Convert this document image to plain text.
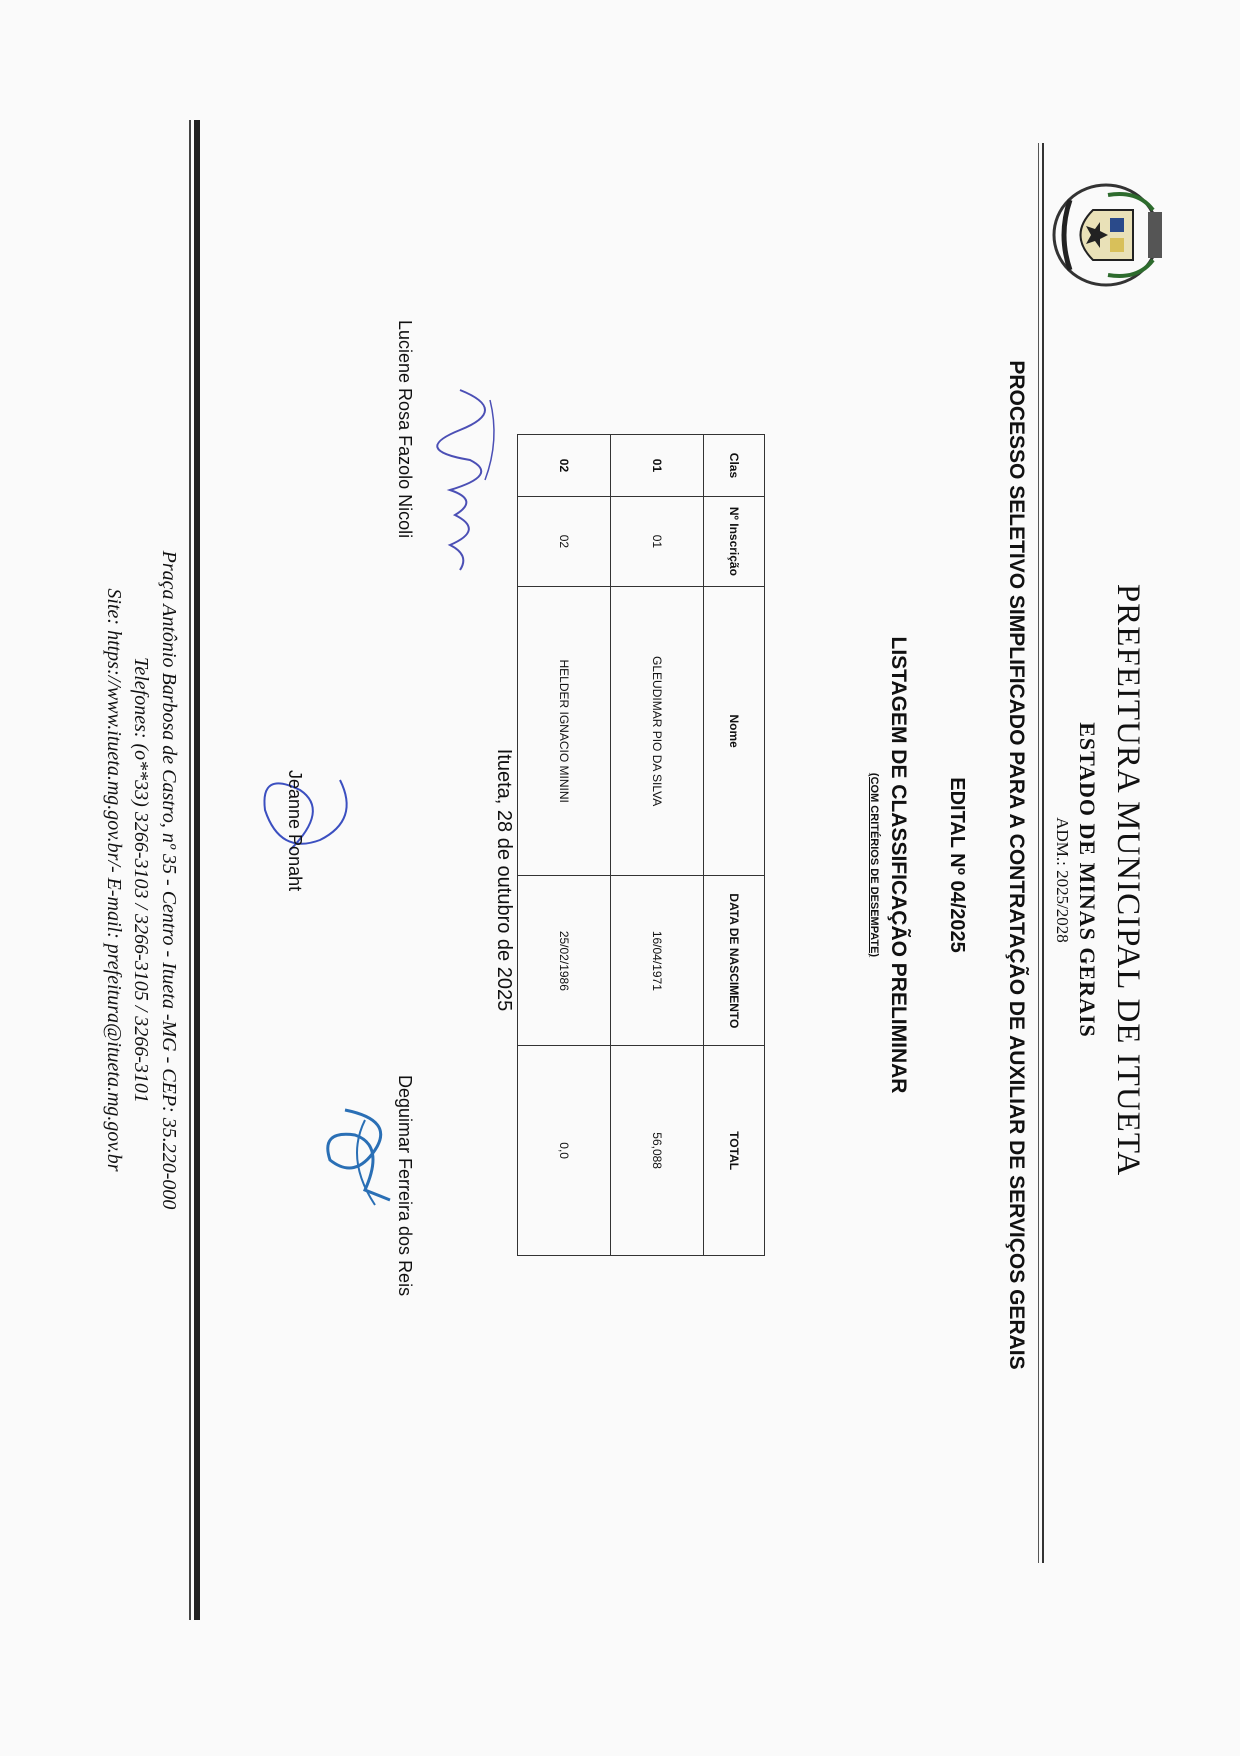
PREFEITURA MUNICIPAL DE ITUETA
ESTADO DE MINAS GERAIS
ADM.: 2025/2028
PROCESSO SELETIVO SIMPLIFICADO PARA A CONTRATAÇÃO DE AUXILIAR DE SERVIÇOS GERAIS
EDITAL Nº 04/2025
LISTAGEM DE CLASSIFICAÇÃO PRELIMINAR
(COM CRITÉRIOS DE DESEMPATE)
Clas	Nº Inscrição	Nome	DATA DE NASCIMENTO	TOTAL
01	01	GLEUDIMAR PIO DA SILVA	16/04/1971	56,088
02	02	HELDER IGNACIO MININI	25/02/1986	0,0
Itueta, 28 de outubro de 2025
Luciene Rosa Fazolo Nicoli
Jeanne Ponaht
Deguimar Ferreira dos Reis
Praça Antônio Barbosa de Castro, nº 35 - Centro - Itueta -MG - CEP: 35.220-000
Telefones: (o**33) 3266-3103 / 3266-3105 / 3266-3101
Site: https://www.itueta.mg.gov.br/- E-mail: prefeitura@itueta.mg.gov.br
